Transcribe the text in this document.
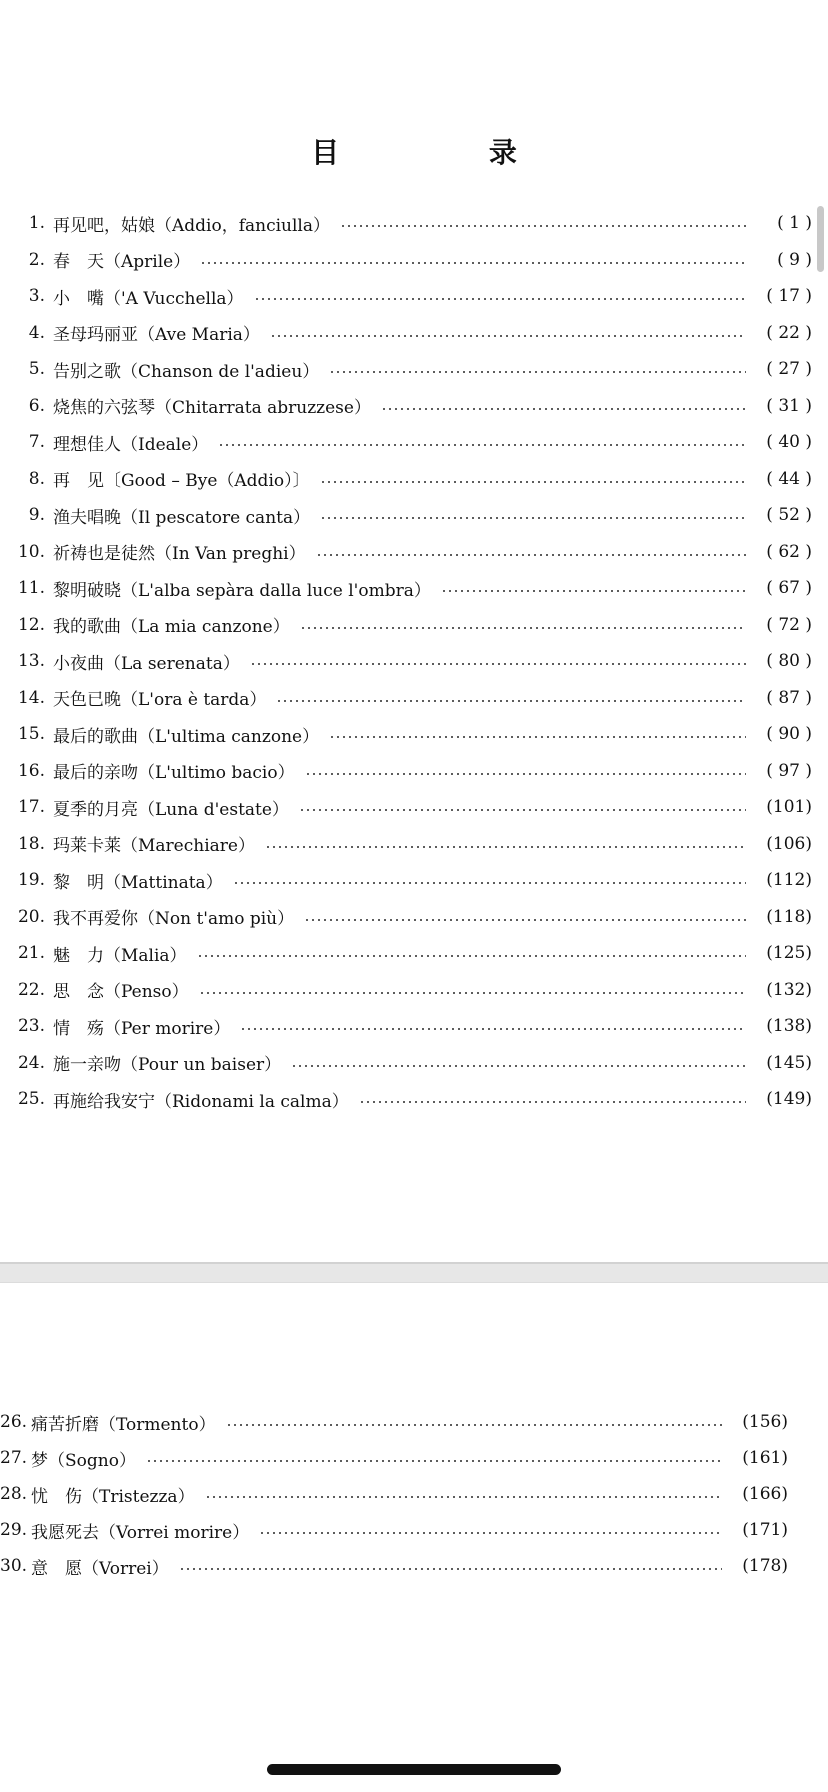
目 录
1. 再见吧，姑娘（Addio，fanciulla）	( 1 )
2. 春　天（Aprile）	( 9 )
3. 小　嘴（'A Vucchella）	( 17 )
4. 圣母玛丽亚（Ave Maria）	( 22 )
5. 告别之歌（Chanson de l'adieu）	( 27 )
6. 烧焦的六弦琴（Chitarrata abruzzese）	( 31 )
7. 理想佳人（Ideale）	( 40 )
8. 再　见〔Good – Bye（Addio）〕	( 44 )
9. 渔夫唱晚（Il pescatore canta）	( 52 )
10. 祈祷也是徒然（In Van preghi）	( 62 )
11. 黎明破晓（L'alba sepàra dalla luce l'ombra）	( 67 )
12. 我的歌曲（La mia canzone）	( 72 )
13. 小夜曲（La serenata）	( 80 )
14. 天色已晚（L'ora è tarda）	( 87 )
15. 最后的歌曲（L'ultima canzone）	( 90 )
16. 最后的亲吻（L'ultimo bacio）	( 97 )
17. 夏季的月亮（Luna d'estate）	(101)
18. 玛莱卡莱（Marechiare）	(106)
19. 黎　明（Mattinata）	(112)
20. 我不再爱你（Non t'amo più）	(118)
21. 魅　力（Malia）	(125)
22. 思　念（Penso）	(132)
23. 情　殇（Per morire）	(138)
24. 施一亲吻（Pour un baiser）	(145)
25. 再施给我安宁（Ridonami la calma）	(149)
26. 痛苦折磨（Tormento）	(156)
27. 梦（Sogno）	(161)
28. 忧　伤（Tristezza）	(166)
29. 我愿死去（Vorrei morire）	(171)
30. 意　愿（Vorrei）	(178)
